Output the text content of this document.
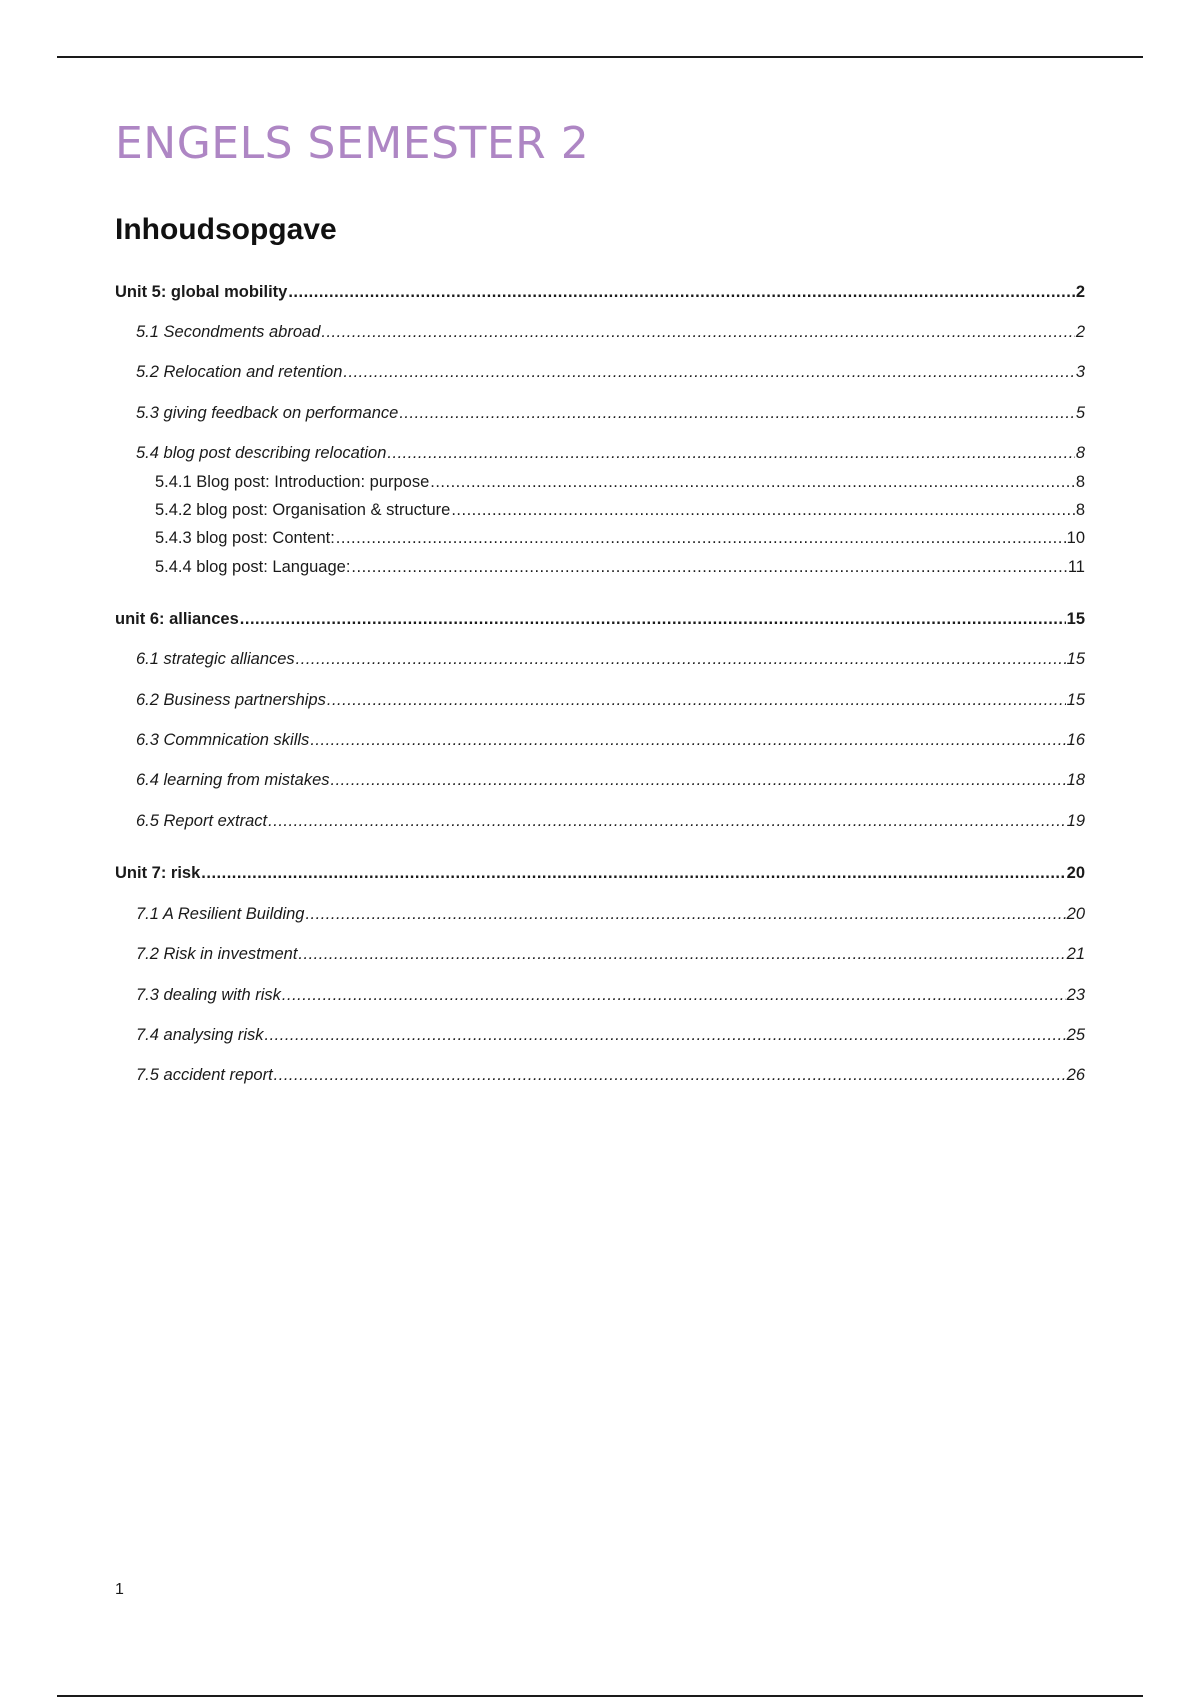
ENGELS SEMESTER 2
Inhoudsopgave
Unit 5: global mobility .....	2
5.1 Secondments abroad .....	2
5.2 Relocation and retention .....	3
5.3 giving feedback on performance .....	5
5.4 blog post describing relocation .....	8
5.4.1 Blog post: Introduction: purpose .....	8
5.4.2 blog post: Organisation & structure .....	8
5.4.3 blog post: Content: .....	10
5.4.4 blog post: Language: .....	11
unit 6: alliances .....	15
6.1 strategic alliances .....	15
6.2 Business partnerships .....	15
6.3 Commnication skills .....	16
6.4 learning from mistakes .....	18
6.5 Report extract .....	19
Unit 7: risk .....	20
7.1 A Resilient Building .....	20
7.2 Risk in investment .....	21
7.3 dealing with risk .....	23
7.4 analysing risk .....	25
7.5 accident report .....	26
1
